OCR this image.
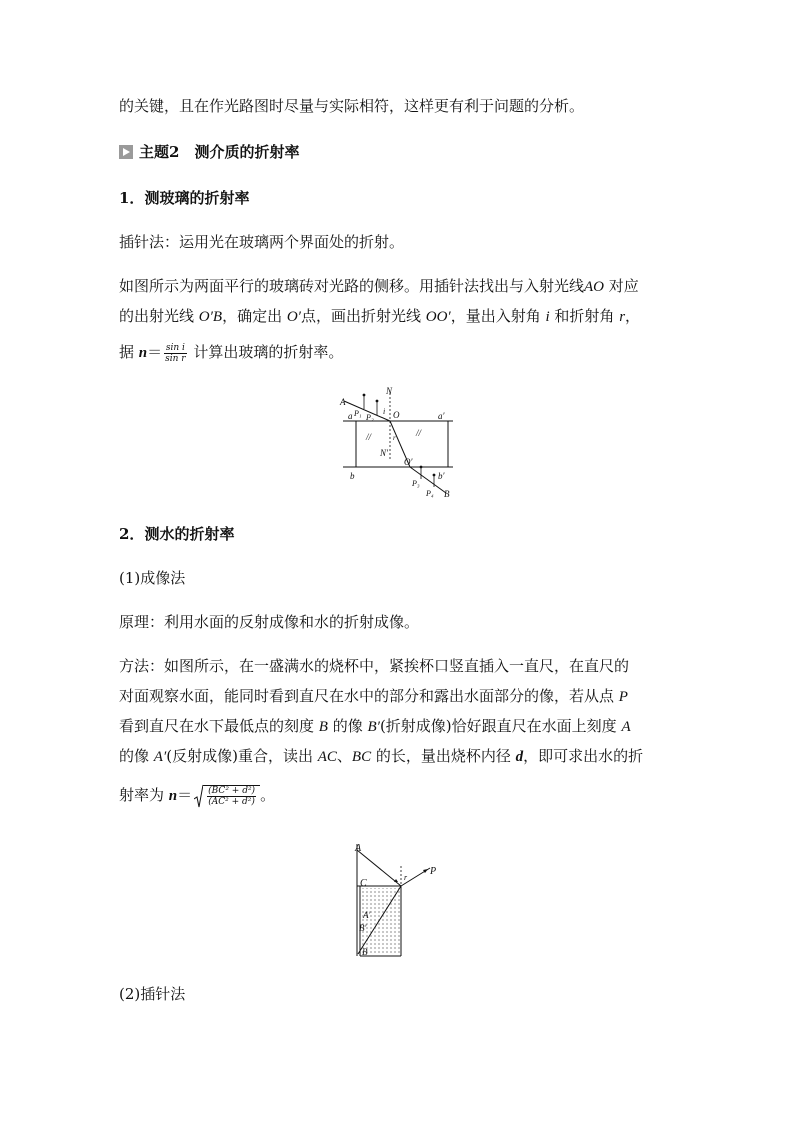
的关键，且在作光路图时尽量与实际相符，这样更有利于问题的分析。
主题2　 测介质的折射率
1．测玻璃的折射率
插针法：运用光在玻璃两个界面处的折射。
如图所示为两面平行的玻璃砖对光路的侧移。用插针法找出与入射光线AO 对应
的出射光线 O′B，确定出 O′点，画出折射光线 OO′，量出入射角 i 和折射角 r，
据 $n= \frac{\text{sin i}}{\text{sin r}}$ 计算出玻璃的折射率。
A
N
P₁ P₂
i
a	O	a′
r
N′
O′
//	//
b	b′
P₃
P₄ B
2．测水的折射率
(1)成像法
原理：利用水面的反射成像和水的折射成像。
方法：如图所示，在一盛满水的烧杯中，紧挨杯口竖直插入一直尺，在直尺的
对面观察水面，能同时看到直尺在水中的部分和露出水面部分的像，若从点 P
看到直尺在水下最低点的刻度 B 的像 B′(折射成像)恰好跟直尺在水面上刻度 A
的像 A′(反射成像)重合，读出 AC、BC 的长，量出烧杯内径 d，即可求出水的折
射率为 $n= \frac{\text{(BC² + d²)}}{\text{(AC² + d²)}}$ 。
A
C
r
P
A′
B′
B
(2)插针法
